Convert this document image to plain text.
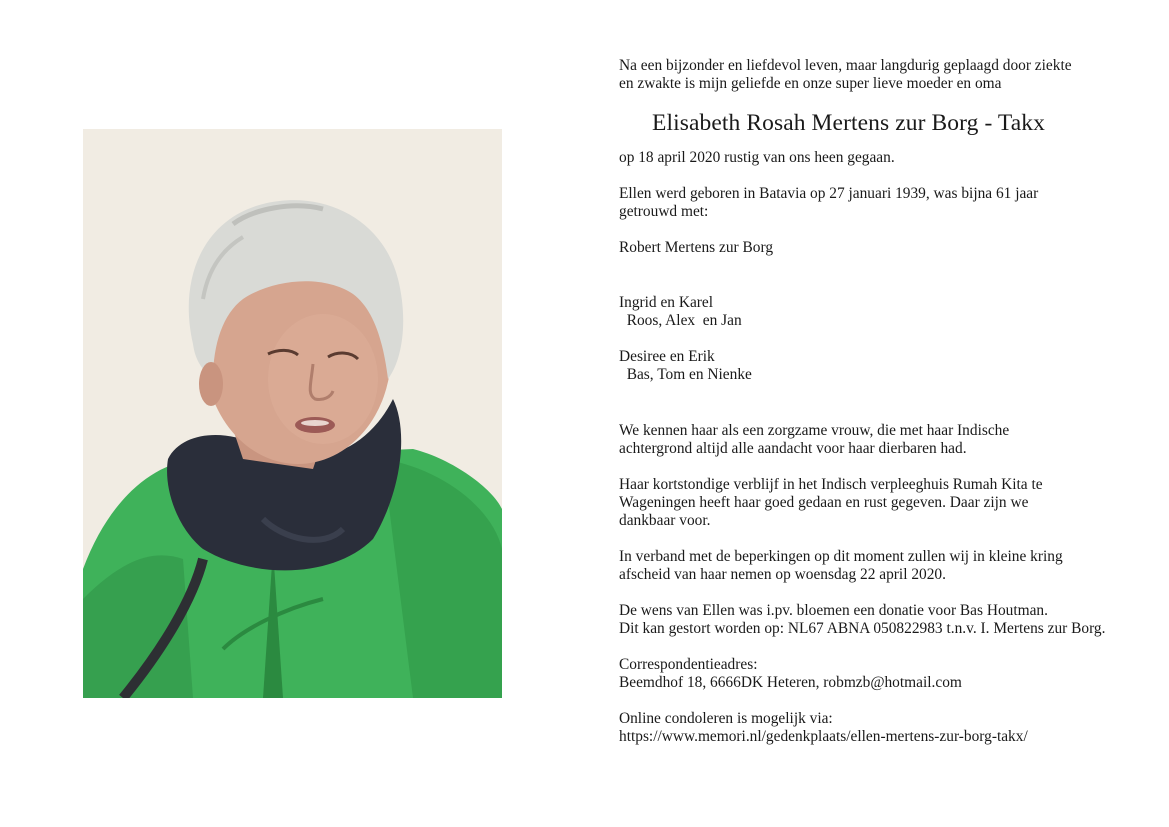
Na een bijzonder en liefdevol leven, maar langdurig geplaagd door ziekte
en zwakte is mijn geliefde en onze super lieve moeder en oma
Elisabeth Rosah Mertens zur Borg - Takx
op 18 april 2020 rustig van ons heen gegaan.
Ellen werd geboren in Batavia op 27 januari 1939, was bijna 61 jaar
getrouwd met:
Robert Mertens zur Borg
Ingrid en Karel
Roos, Alex  en Jan
Desiree en Erik
Bas, Tom en Nienke
We kennen haar als een zorgzame vrouw, die met haar Indische
achtergrond altijd alle aandacht voor haar dierbaren had.
Haar kortstondige verblijf in het Indisch verpleeghuis Rumah Kita te
Wageningen heeft haar goed gedaan en rust gegeven. Daar zijn we
dankbaar voor.
In verband met de beperkingen op dit moment zullen wij in kleine kring
afscheid van haar nemen op woensdag 22 april 2020.
De wens van Ellen was i.pv. bloemen een donatie voor Bas Houtman.
Dit kan gestort worden op: NL67 ABNA 050822983 t.n.v. I. Mertens zur Borg.
Correspondentieadres:
Beemdhof 18, 6666DK Heteren, robmzb@hotmail.com
Online condoleren is mogelijk via:
https://www.memori.nl/gedenkplaats/ellen-mertens-zur-borg-takx/
